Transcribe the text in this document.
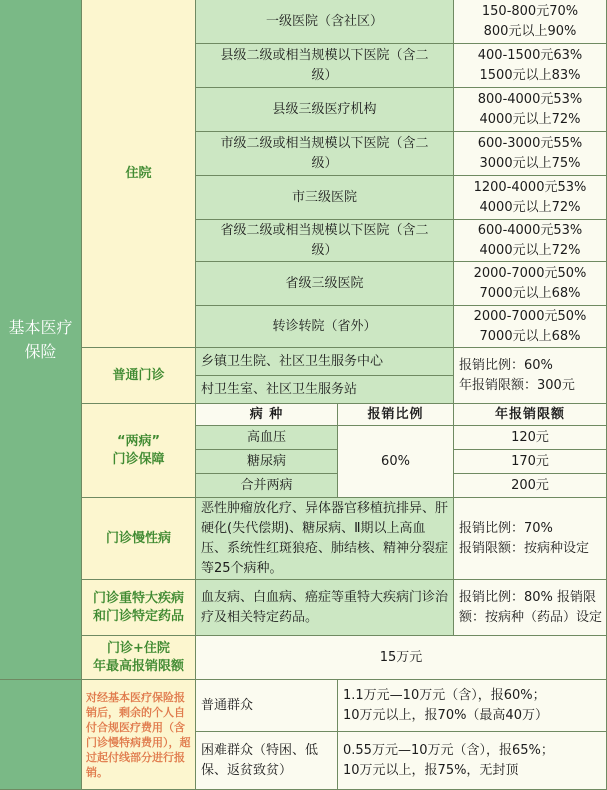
基本医疗
保险
住院
普通门诊
“两病”
门诊保障
门诊慢性病
门诊重特大疾病
和门诊特定药品
门诊+住院
年最高报销限额
对经基本医疗保险报销后，剩余的个人自付合规医疗费用（含门诊慢特病费用），超过起付线部分进行报销。
一级医院（含社区）
150-800元70%
800元以上90%
县级二级或相当规模以下医院（含二
级）
400-1500元63%
1500元以上83%
县级三级医疗机构
800-4000元53%
4000元以上72%
市级二级或相当规模以下医院（含二
级）
600-3000元55%
3000元以上75%
市三级医院
1200-4000元53%
4000元以上72%
省级二级或相当规模以下医院（含二
级）
600-4000元53%
4000元以上72%
省级三级医院
2000-7000元50%
7000元以上68%
转诊转院（省外）
2000-7000元50%
7000元以上68%
乡镇卫生院、社区卫生服务中心
村卫生室、社区卫生服务站
报销比例：60%
年报销限额：300元
病 种	报销比例	年报销限额
高血压
糖尿病
合并两病
60%
120元
170元
200元
恶性肿瘤放化疗、异体器官移植抗排异、肝硬化(失代偿期)、糖尿病、Ⅱ期以上高血压、系统性红斑狼疮、肺结核、精神分裂症等25个病种。
报销比例：70%
报销限额：按病种设定
血友病、白血病、癌症等重特大疾病门诊治疗及相关特定药品。
报销比例：80% 报销限额：按病种（药品）设定
15万元
普通群众
1.1万元—10万元（含），报60%；
10万元以上，报70%（最高40万）
困难群众（特困、低保、返贫致贫）
0.55万元—10万元（含），报65%；
10万元以上，报75%，无封顶
